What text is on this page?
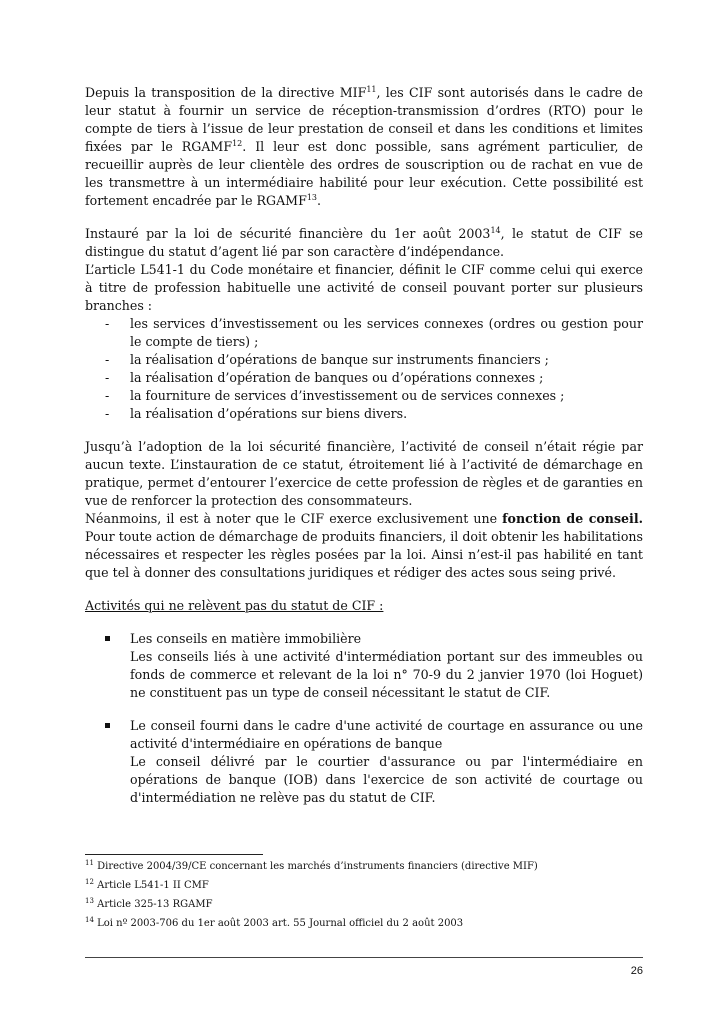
Depuis la transposition de la directive MIF$^{11}$, les CIF sont autorisés dans le cadre de leur statut à fournir un service de réception-transmission d’ordres (RTO) pour le compte de tiers à l’issue de leur prestation de conseil et dans les conditions et limites fixées par le RGAMF$^{12}$. Il leur est donc possible, sans agrément particulier, de recueillir auprès de leur clientèle des ordres de souscription ou de rachat en vue de les transmettre à un intermédiaire habilité pour leur exécution. Cette possibilité est fortement encadrée par le RGAMF$^{13}$.

Instauré par la loi de sécurité financière du 1er août 2003$^{14}$, le statut de CIF se distingue du statut d’agent lié par son caractère d’indépendance.

L’article L541-1 du Code monétaire et financier, définit le CIF comme celui qui exerce à titre de profession habituelle une activité de conseil pouvant porter sur plusieurs branches :

- les services d’investissement ou les services connexes (ordres ou gestion pour le compte de tiers) ;
- la réalisation d’opérations de banque sur instruments financiers ;
- la réalisation d’opération de banques ou d’opérations connexes ;
- la fourniture de services d’investissement ou de services connexes ;
- la réalisation d’opérations sur biens divers.

Jusqu’à l’adoption de la loi sécurité financière, l’activité de conseil n’était régie par aucun texte. L’instauration de ce statut, étroitement lié à l’activité de démarchage en pratique, permet d’entourer l’exercice de cette profession de règles et de garanties en vue de renforcer la protection des consommateurs.

Néanmoins, il est à noter que le CIF exerce exclusivement une fonction de conseil. Pour toute action de démarchage de produits financiers, il doit obtenir les habilitations nécessaires et respecter les règles posées par la loi. Ainsi n’est-il pas habilité en tant que tel à donner des consultations juridiques et rédiger des actes sous seing privé.

Activités qui ne relèvent pas du statut de CIF :

Les conseils en matière immobilière
Les conseils liés à une activité d'intermédiation portant sur des immeubles ou fonds de commerce et relevant de la loi n° 70-9 du 2 janvier 1970 (loi Hoguet) ne constituent pas un type de conseil nécessitant le statut de CIF.
Le conseil fourni dans le cadre d'une activité de courtage en assurance ou une activité d'intermédiaire en opérations de banque
Le conseil délivré par le courtier d'assurance ou par l'intermédiaire en opérations de banque (IOB) dans l'exercice de son activité de courtage ou d'intermédiation ne relève pas du statut de CIF.
$^{11}$ Directive 2004/39/CE concernant les marchés d’instruments financiers (directive MIF)
$^{12}$ Article L541-1 II CMF
$^{13}$ Article 325-13 RGAMF
$^{14}$ Loi nº 2003-706 du 1er août 2003 art. 55 Journal officiel du 2 août 2003
26
